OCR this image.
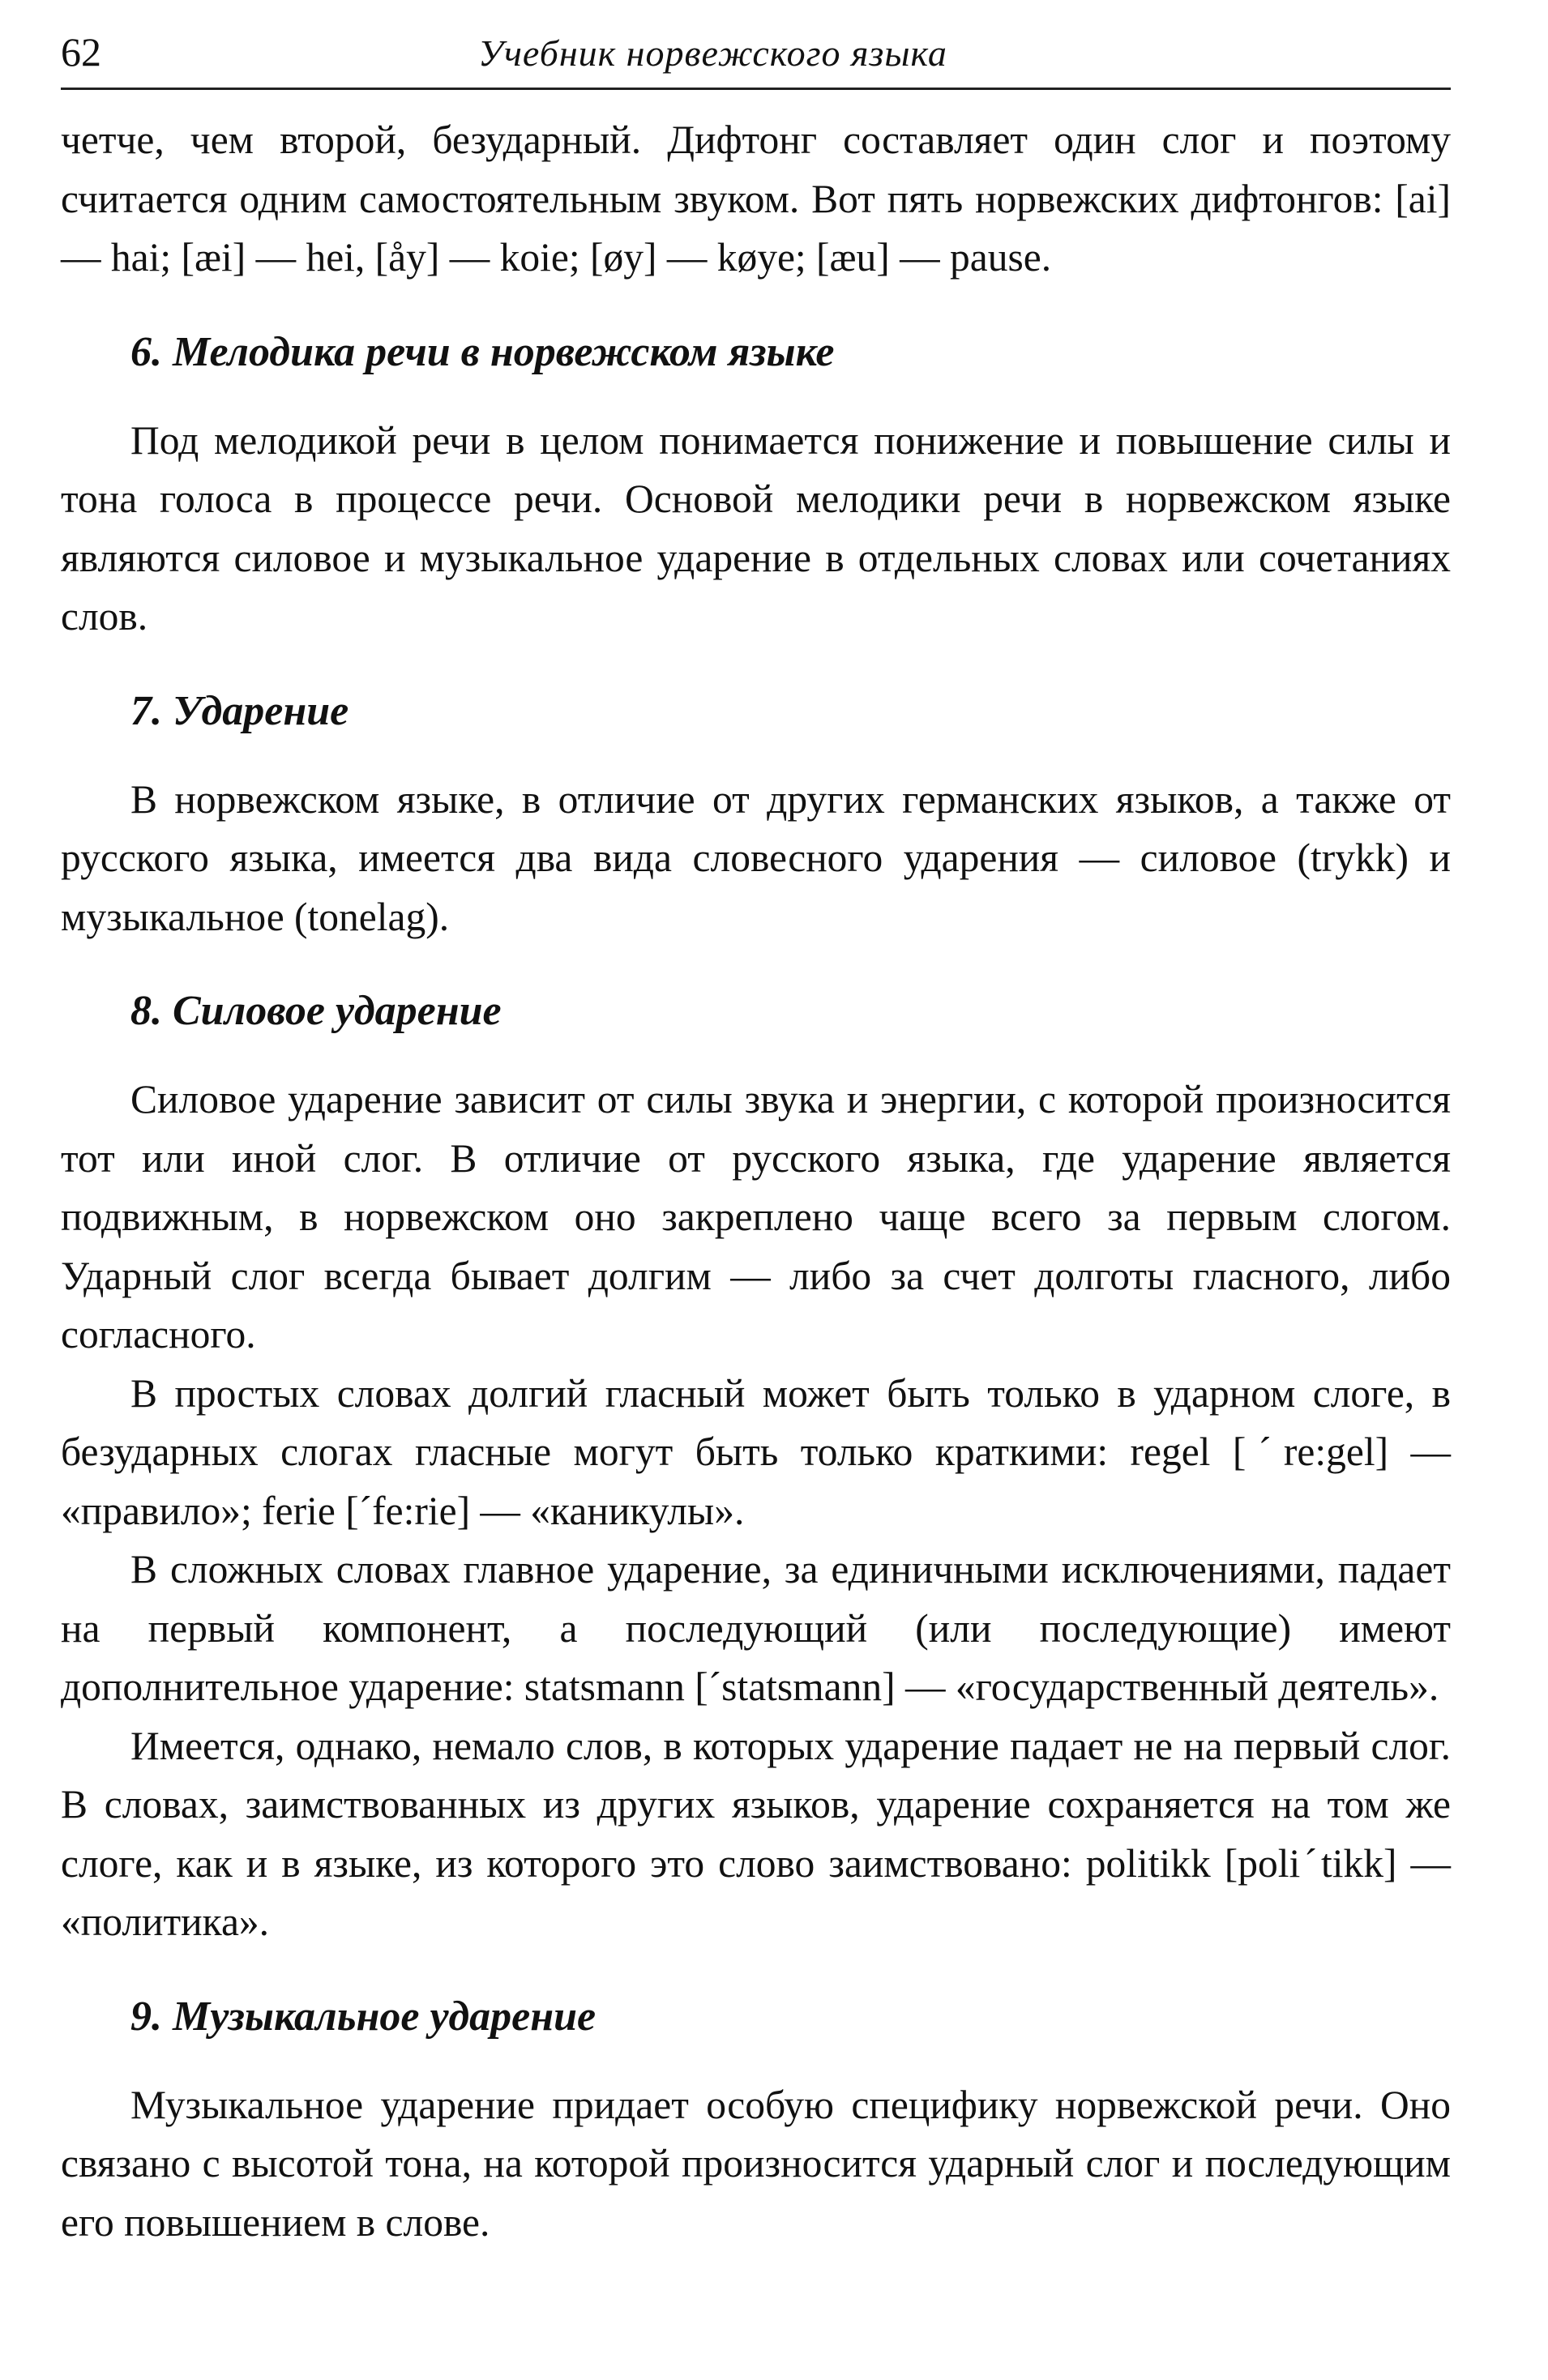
62	Учебник норвежского языка

четче, чем второй, безударный. Дифтонг составляет один слог и поэтому считается одним самостоятельным звуком. Вот пять норвежских дифтонгов: [ai] — hai; [æi] — hei, [åy] — koie; [øy] — køye; [æu] — pause.

6. Мелодика речи в норвежском языке

Под мелодикой речи в целом понимается понижение и повышение силы и тона голоса в процессе речи. Основой мелодики речи в норвежском языке являются силовое и музыкальное ударение в отдельных словах или сочетаниях слов.

7. Ударение

В норвежском языке, в отличие от других германских языков, а также от русского языка, имеется два вида словесного ударения — силовое (trykk) и музыкальное (tonelag).

8. Силовое ударение

Силовое ударение зависит от силы звука и энергии, с которой произносится тот или иной слог. В отличие от русского языка, где ударение является подвижным, в норвежском оно закреплено чаще всего за первым слогом. Ударный слог всегда бывает долгим — либо за счет долготы гласного, либо согласного.

В простых словах долгий гласный может быть только в ударном слоге, в безударных слогах гласные могут быть только краткими: regel [ˊre:gel] — «правило»; ferie [ˊfe:rie] — «каникулы».

В сложных словах главное ударение, за единичными исключениями, падает на первый компонент, а последующий (или последующие) имеют дополнительное ударение: statsmann [ˊstatsmann] — «государственный деятель».

Имеется, однако, немало слов, в которых ударение падает не на первый слог. В словах, заимствованных из других языков, ударение сохраняется на том же слоге, как и в языке, из которого это слово заимствовано: politikk [poliˊtikk] — «политика».

9. Музыкальное ударение

Музыкальное ударение придает особую специфику норвежской речи. Оно связано с высотой тона, на которой произносится ударный слог и последующим его повышением в слове.
